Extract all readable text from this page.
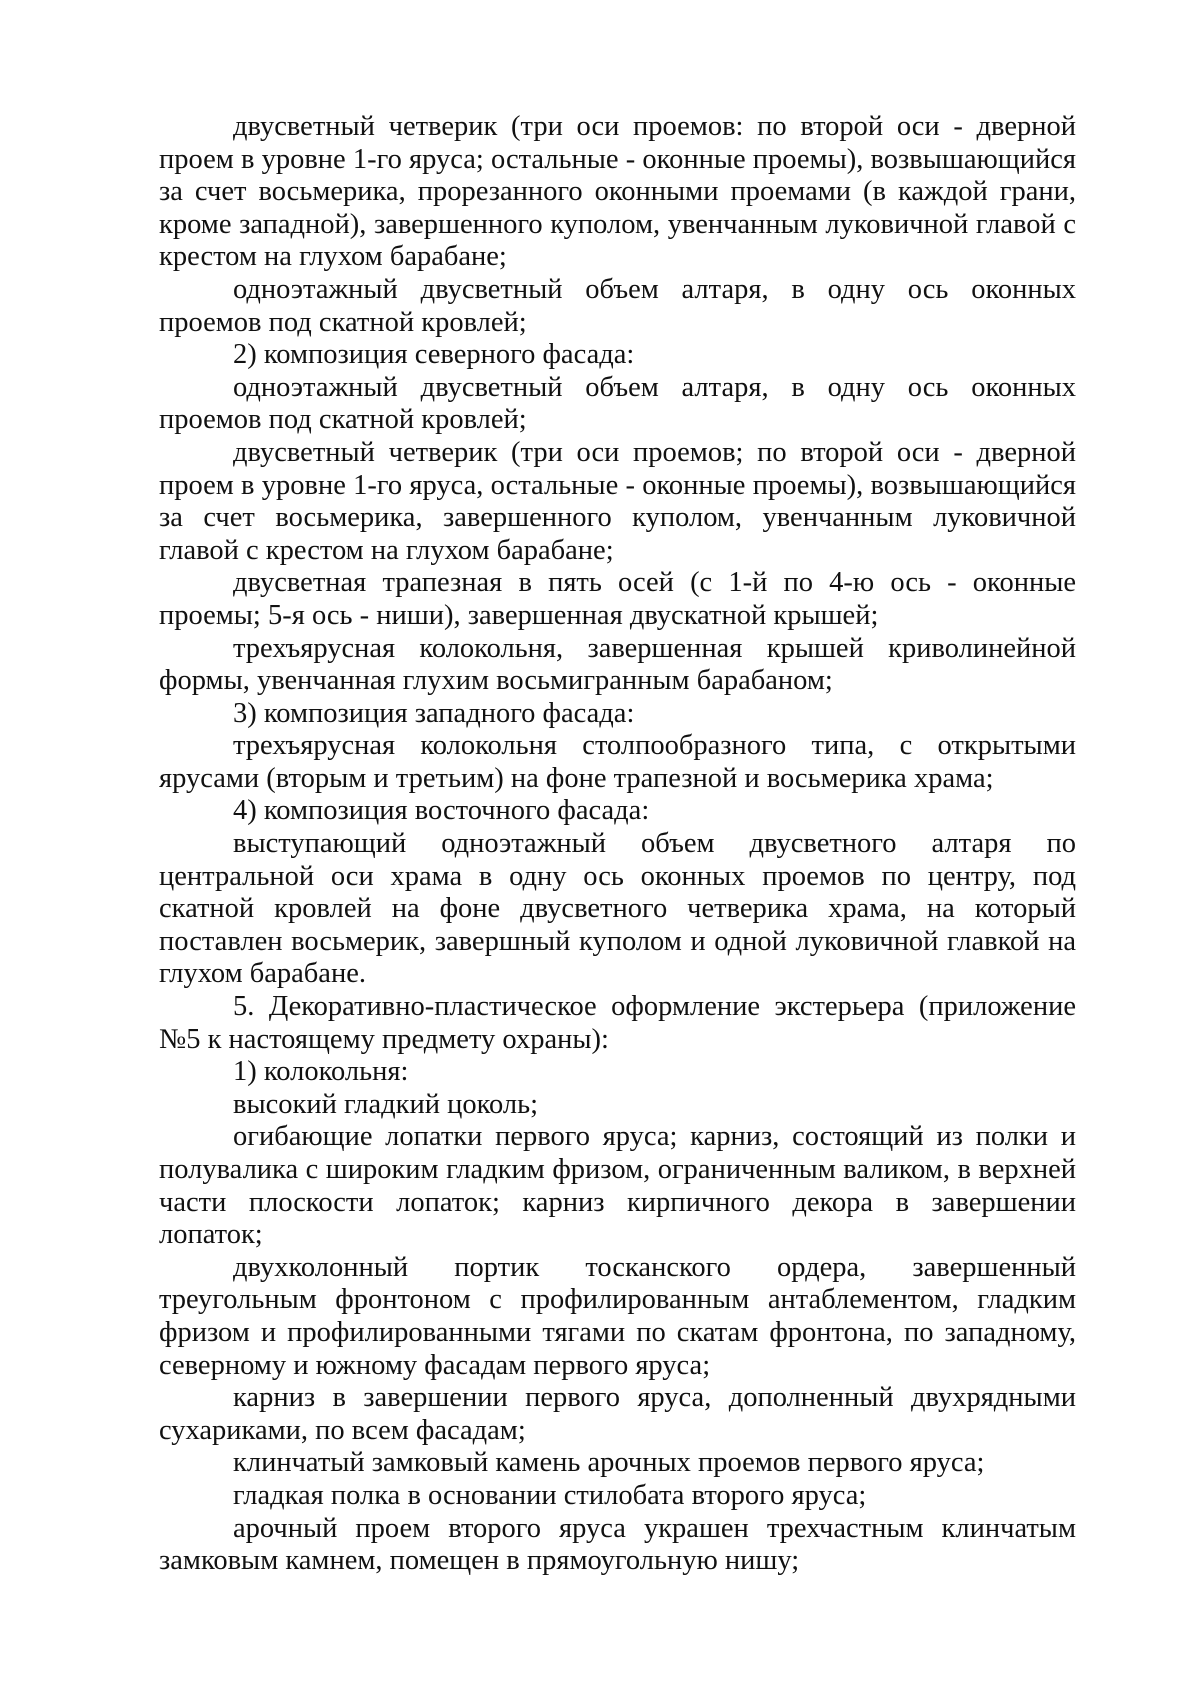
двусветный четверик (три оси проемов: по второй оси - дверной проем в уровне 1-го яруса; остальные - оконные проемы), возвышающийся за счет восьмерика, прорезанного оконными проемами (в каждой грани, кроме западной), завершенного куполом, увенчанным луковичной главой с крестом на глухом барабане;

одноэтажный двусветный объем алтаря, в одну ось оконных проемов под скатной кровлей;

2) композиция северного фасада:

одноэтажный двусветный объем алтаря, в одну ось оконных проемов под скатной кровлей;

двусветный четверик (три оси проемов; по второй оси - дверной проем в уровне 1-го яруса, остальные - оконные проемы), возвышающийся за счет восьмерика, завершенного куполом, увенчанным луковичной главой с крестом на глухом барабане;

двусветная трапезная в пять осей (с 1-й по 4-ю ось - оконные проемы; 5-я ось - ниши), завершенная двускатной крышей;

трехъярусная колокольня, завершенная крышей криволинейной формы, увенчанная глухим восьмигранным барабаном;

3) композиция западного фасада:

трехъярусная колокольня столпообразного типа, с открытыми ярусами (вторым и третьим) на фоне трапезной и восьмерика храма;

4) композиция восточного фасада:

выступающий одноэтажный объем двусветного алтаря по центральной оси храма в одну ось оконных проемов по центру, под скатной кровлей на фоне двусветного четверика храма, на который поставлен восьмерик, завершный куполом и одной луковичной главкой на глухом барабане.

5. Декоративно-пластическое оформление экстерьера (приложение №5 к настоящему предмету охраны):

1) колокольня:

высокий гладкий цоколь;

огибающие лопатки первого яруса; карниз, состоящий из полки и полувалика с широким гладким фризом, ограниченным валиком, в верхней части плоскости лопаток; карниз кирпичного декора в завершении лопаток;

двухколонный портик тосканского ордера, завершенный треугольным фронтоном с профилированным антаблементом, гладким фризом и профилированными тягами по скатам фронтона, по западному, северному и южному фасадам первого яруса;

карниз в завершении первого яруса, дополненный двухрядными сухариками, по всем фасадам;

клинчатый замковый камень арочных проемов первого яруса;

гладкая полка в основании стилобата второго яруса;

арочный проем второго яруса украшен трехчастным клинчатым замковым камнем, помещен в прямоугольную нишу;
